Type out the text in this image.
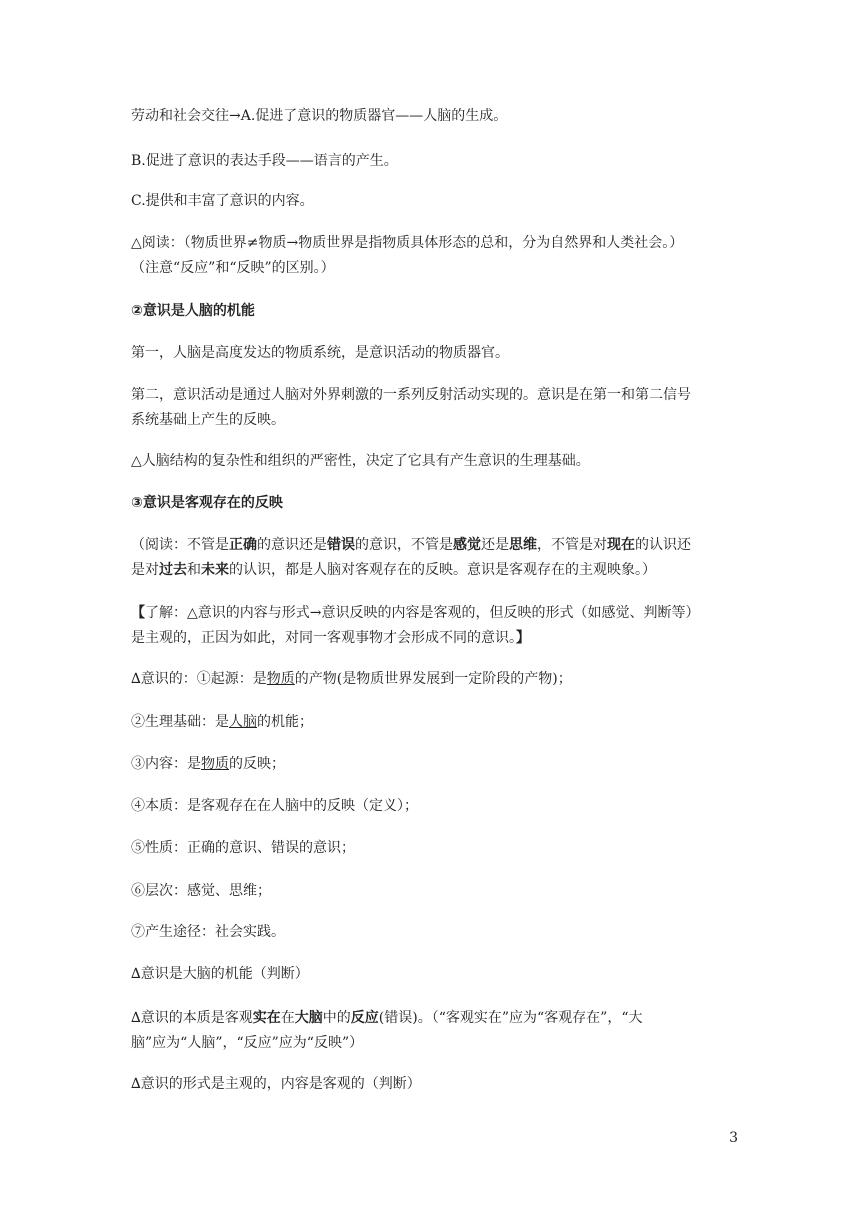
劳动和社会交往→A.促进了意识的物质器官——人脑的生成。
B.促进了意识的表达手段——语言的产生。
C.提供和丰富了意识的内容。
△阅读：（物质世界≠物质→物质世界是指物质具体形态的总和，分为自然界和人类社会。）
（注意“反应”和“反映”的区别。）
②意识是人脑的机能
第一，人脑是高度发达的物质系统，是意识活动的物质器官。
第二，意识活动是通过人脑对外界刺激的一系列反射活动实现的。意识是在第一和第二信号
系统基础上产生的反映。
△人脑结构的复杂性和组织的严密性，决定了它具有产生意识的生理基础。
③意识是客观存在的反映
（阅读：不管是正确的意识还是错误的意识，不管是感觉还是思维，不管是对现在的认识还
是对过去和未来的认识，都是人脑对客观存在的反映。意识是客观存在的主观映象。）
【了解：△意识的内容与形式→意识反映的内容是客观的，但反映的形式（如感觉、判断等）
是主观的，正因为如此，对同一客观事物才会形成不同的意识。】
∆意识的：①起源：是物质的产物(是物质世界发展到一定阶段的产物)；
②生理基础：是人脑的机能；
③内容：是物质的反映；
④本质：是客观存在在人脑中的反映（定义）；
⑤性质：正确的意识、错误的意识；
⑥层次：感觉、思维；
⑦产生途径：社会实践。
∆意识是大脑的机能（判断）
∆意识的本质是客观实在在大脑中的反应(错误)。（“客观实在”应为“客观存在”，“大
脑”应为“人脑”，“反应”应为“反映”）
∆意识的形式是主观的，内容是客观的（判断）
3
